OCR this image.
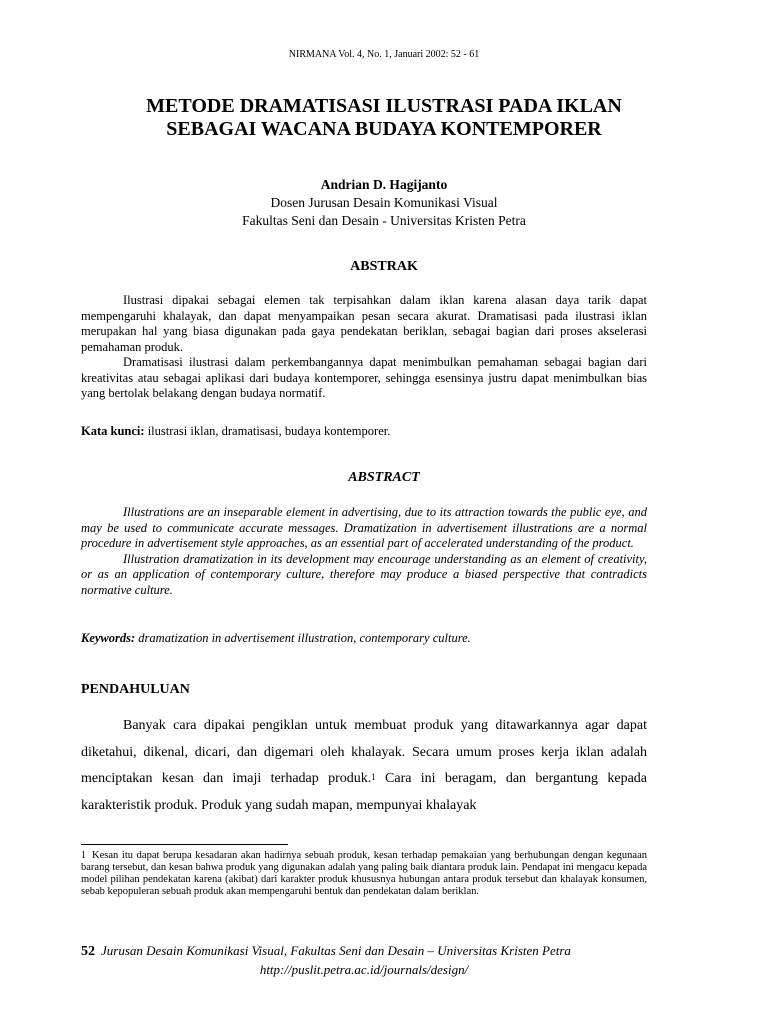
NIRMANA Vol. 4, No. 1, Januari 2002: 52 - 61
METODE DRAMATISASI ILUSTRASI PADA IKLAN
SEBAGAI WACANA BUDAYA KONTEMPORER
Andrian D. Hagijanto
Dosen Jurusan Desain Komunikasi Visual
Fakultas Seni dan Desain - Universitas Kristen Petra
ABSTRAK
Ilustrasi dipakai sebagai elemen tak terpisahkan dalam iklan karena alasan daya tarik dapat mempengaruhi khalayak, dan dapat menyampaikan pesan secara akurat. Dramatisasi pada ilustrasi iklan merupakan hal yang biasa digunakan pada gaya pendekatan beriklan, sebagai bagian dari proses akselerasi pemahaman produk.
Dramatisasi ilustrasi dalam perkembangannya dapat menimbulkan pemahaman sebagai bagian dari kreativitas atau sebagai aplikasi dari budaya kontemporer, sehingga esensinya justru dapat menimbulkan bias yang bertolak belakang dengan budaya normatif.
Kata kunci: ilustrasi iklan, dramatisasi, budaya kontemporer.
ABSTRACT
Illustrations are an inseparable element in advertising, due to its attraction towards the public eye, and may be used to communicate accurate messages. Dramatization in advertisement illustrations are a normal procedure in advertisement style approaches, as an essential part of accelerated understanding of the product.
Illustration dramatization in its development may encourage understanding as an element of creativity, or as an application of contemporary culture, therefore may produce a biased perspective that contradicts normative culture.
Keywords: dramatization in advertisement illustration, contemporary culture.
PENDAHULUAN
Banyak cara dipakai pengiklan untuk membuat produk yang ditawarkannya agar dapat diketahui, dikenal, dicari, dan digemari oleh khalayak. Secara umum proses kerja iklan adalah menciptakan kesan dan imaji terhadap produk.$^1$ Cara ini beragam, dan bergantung kepada karakteristik produk. Produk yang sudah mapan, mempunyai khalayak
1 Kesan itu dapat berupa kesadaran akan hadirnya sebuah produk, kesan terhadap pemakaian yang berhubungan dengan kegunaan barang tersebut, dan kesan bahwa produk yang digunakan adalah yang paling baik diantara produk lain. Pendapat ini mengacu kepada model pilihan pendekatan karena (akibat) dari karakter produk khususnya hubungan antara produk tersebut dan khalayak konsumen, sebab kepopuleran sebuah produk akan mempengaruhi bentuk dan pendekatan dalam beriklan.
52 Jurusan Desain Komunikasi Visual, Fakultas Seni dan Desain – Universitas Kristen Petra
http://puslit.petra.ac.id/journals/design/
